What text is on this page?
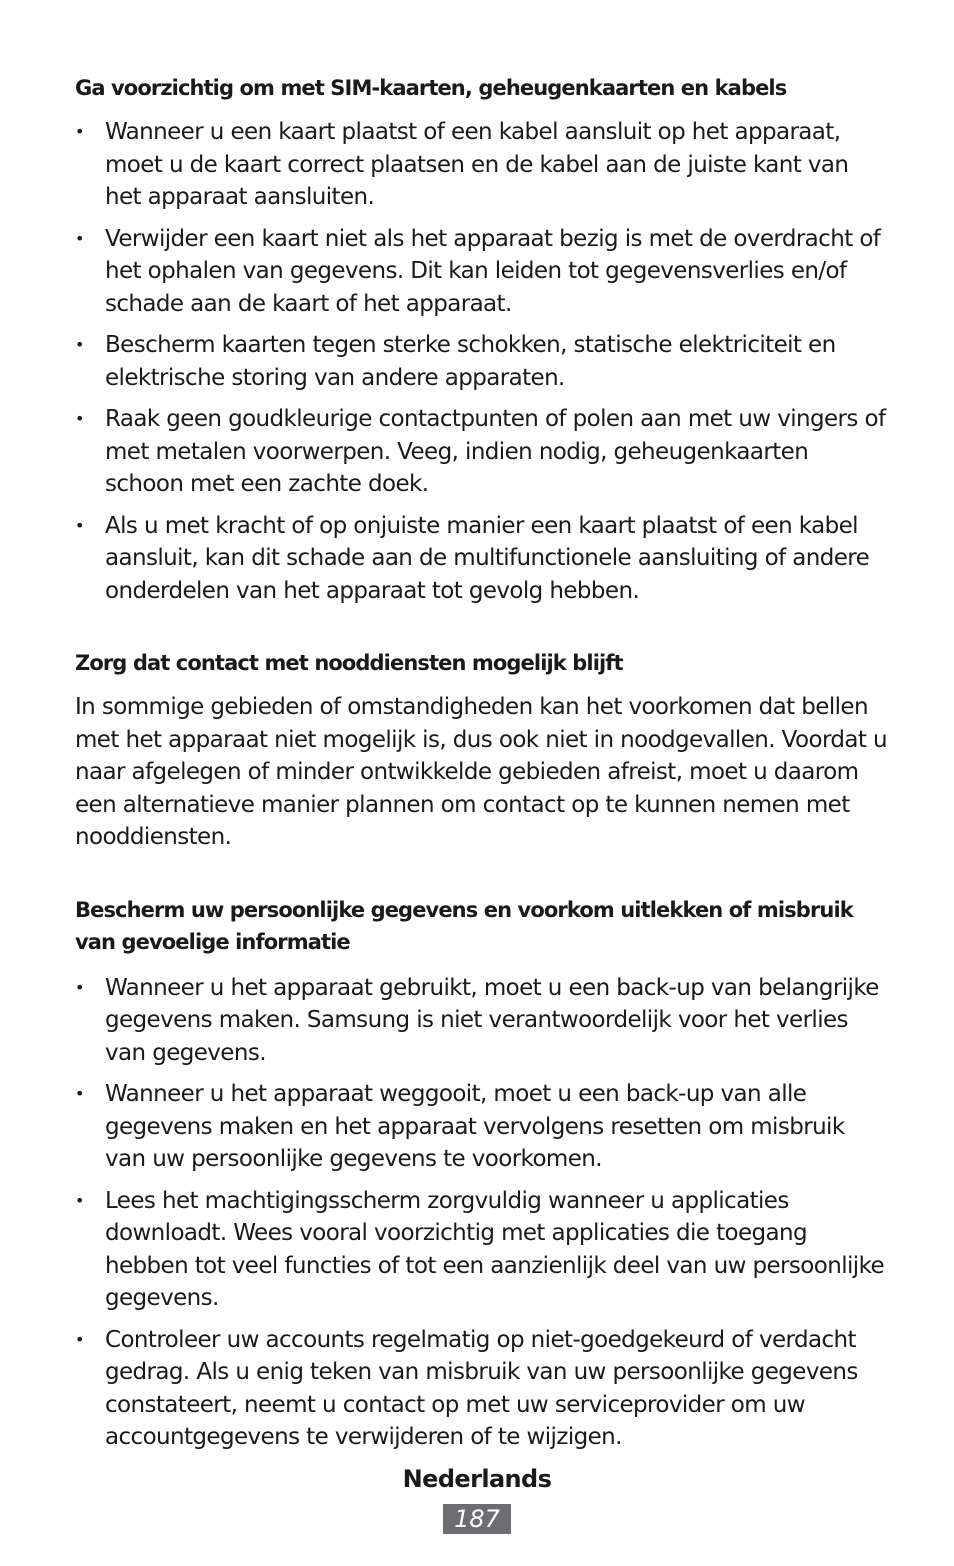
Ga voorzichtig om met SIM-kaarten, geheugenkaarten en kabels
• Wanneer u een kaart plaatst of een kabel aansluit op het apparaat, moet u de kaart correct plaatsen en de kabel aan de juiste kant van het apparaat aansluiten.
• Verwijder een kaart niet als het apparaat bezig is met de overdracht of het ophalen van gegevens. Dit kan leiden tot gegevensverlies en/of schade aan de kaart of het apparaat.
• Bescherm kaarten tegen sterke schokken, statische elektriciteit en elektrische storing van andere apparaten.
• Raak geen goudkleurige contactpunten of polen aan met uw vingers of met metalen voorwerpen. Veeg, indien nodig, geheugenkaarten schoon met een zachte doek.
• Als u met kracht of op onjuiste manier een kaart plaatst of een kabel aansluit, kan dit schade aan de multifunctionele aansluiting of andere onderdelen van het apparaat tot gevolg hebben.
Zorg dat contact met nooddiensten mogelijk blijft

In sommige gebieden of omstandigheden kan het voorkomen dat bellen met het apparaat niet mogelijk is, dus ook niet in noodgevallen. Voordat u naar afgelegen of minder ontwikkelde gebieden afreist, moet u daarom een alternatieve manier plannen om contact op te kunnen nemen met nooddiensten.

Bescherm uw persoonlijke gegevens en voorkom uitlekken of misbruik van gevoelige informatie
• Wanneer u het apparaat gebruikt, moet u een back-up van belangrijke gegevens maken. Samsung is niet verantwoordelijk voor het verlies van gegevens.
• Wanneer u het apparaat weggooit, moet u een back-up van alle gegevens maken en het apparaat vervolgens resetten om misbruik van uw persoonlijke gegevens te voorkomen.
• Lees het machtigingsscherm zorgvuldig wanneer u applicaties downloadt. Wees vooral voorzichtig met applicaties die toegang hebben tot veel functies of tot een aanzienlijk deel van uw persoonlijke gegevens.
• Controleer uw accounts regelmatig op niet-goedgekeurd of verdacht gedrag. Als u enig teken van misbruik van uw persoonlijke gegevens constateert, neemt u contact op met uw serviceprovider om uw accountgegevens te verwijderen of te wijzigen.
Nederlands
187
